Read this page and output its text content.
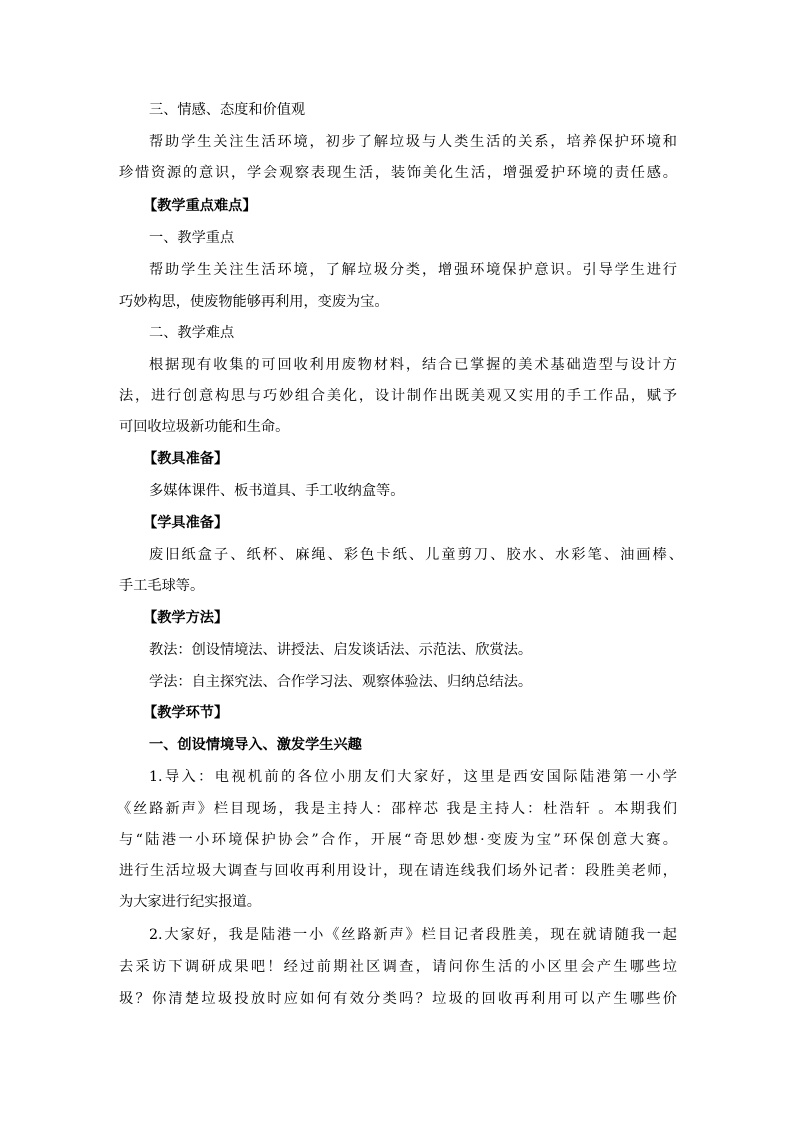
三、情感、态度和价值观
帮助学生关注生活环境，初步了解垃圾与人类生活的关系，培养保护环境和
珍惜资源的意识，学会观察表现生活，装饰美化生活，增强爱护环境的责任感。
【教学重点难点】
一、教学重点
帮助学生关注生活环境，了解垃圾分类，增强环境保护意识。引导学生进行
巧妙构思，使废物能够再利用，变废为宝。
二、教学难点
根据现有收集的可回收利用废物材料，结合已掌握的美术基础造型与设计方
法，进行创意构思与巧妙组合美化，设计制作出既美观又实用的手工作品，赋予
可回收垃圾新功能和生命。
【教具准备】
多媒体课件、板书道具、手工收纳盒等。
【学具准备】
废旧纸盒子、纸杯、麻绳、彩色卡纸、儿童剪刀、胶水、水彩笔、油画棒、
手工毛球等。
【教学方法】
教法：创设情境法、讲授法、启发谈话法、示范法、欣赏法。
学法：自主探究法、合作学习法、观察体验法、归纳总结法。
【教学环节】
一、创设情境导入、激发学生兴趣
1.导入：电视机前的各位小朋友们大家好，这里是西安国际陆港第一小学
《丝路新声》栏目现场，我是主持人：邵梓芯 我是主持人：杜浩轩 。本期我们
与“陆港一小环境保护协会”合作，开展“奇思妙想·变废为宝”环保创意大赛。
进行生活垃圾大调查与回收再利用设计，现在请连线我们场外记者：段胜美老师，
为大家进行纪实报道。
2.大家好，我是陆港一小《丝路新声》栏目记者段胜美，现在就请随我一起
去采访下调研成果吧！经过前期社区调查，请问你生活的小区里会产生哪些垃
圾？你清楚垃圾投放时应如何有效分类吗？垃圾的回收再利用可以产生哪些价
